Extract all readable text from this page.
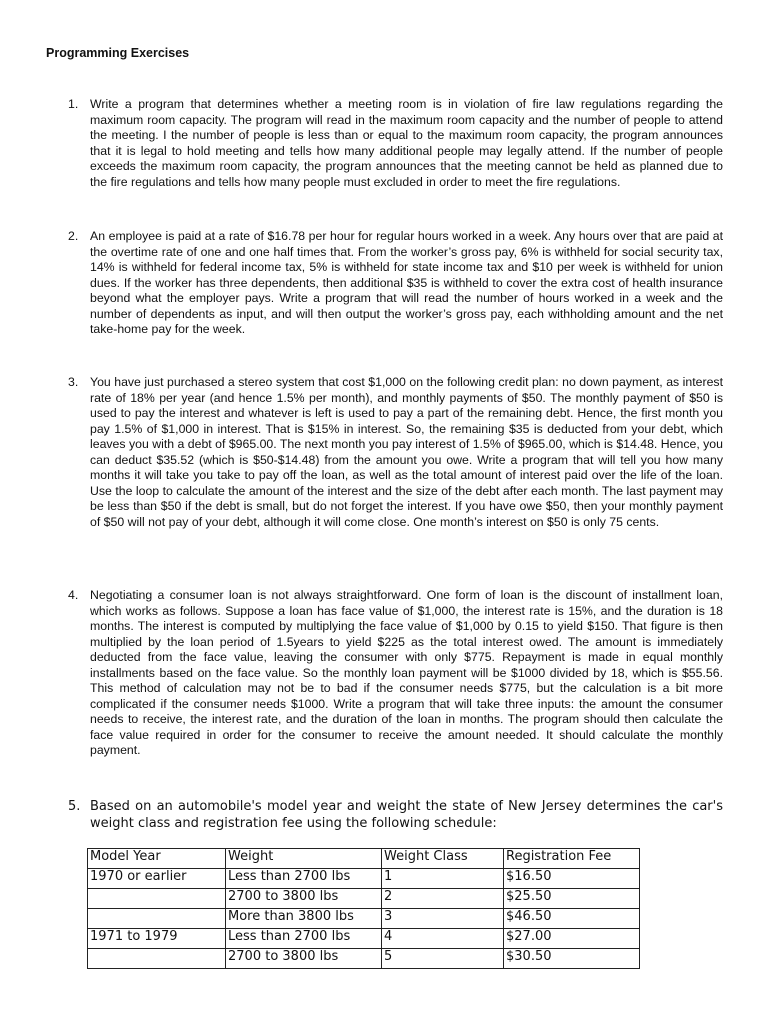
Programming Exercises
1. Write a program that determines whether a meeting room is in violation of fire law regulations regarding the maximum room capacity. The program will read in the maximum room capacity and the number of people to attend the meeting. I the number of people is less than or equal to the maximum room capacity, the program announces that it is legal to hold meeting and tells how many additional people may legally attend. If the number of people exceeds the maximum room capacity, the program announces that the meeting cannot be held as planned due to the fire regulations and tells how many people must excluded in order to meet the fire regulations.
2. An employee is paid at a rate of $16.78 per hour for regular hours worked in a week. Any hours over that are paid at the overtime rate of one and one half times that. From the worker’s gross pay, 6% is withheld for social security tax, 14% is withheld for federal income tax, 5% is withheld for state income tax and $10 per week is withheld for union dues. If the worker has three dependents, then additional $35 is withheld to cover the extra cost of health insurance beyond what the employer pays. Write a program that will read the number of hours worked in a week and the number of dependents as input, and will then output the worker’s gross pay, each withholding amount and the net take-home pay for the week.
3. You have just purchased a stereo system that cost $1,000 on the following credit plan: no down payment, as interest rate of 18% per year (and hence 1.5% per month), and monthly payments of $50. The monthly payment of $50 is used to pay the interest and whatever is left is used to pay a part of the remaining debt. Hence, the first month you pay 1.5% of $1,000 in interest. That is $15% in interest. So, the remaining $35 is deducted from your debt, which leaves you with a debt of $965.00. The next month you pay interest of 1.5% of $965.00, which is $14.48. Hence, you can deduct $35.52 (which is $50-$14.48) from the amount you owe. Write a program that will tell you how many months it will take you take to pay off the loan, as well as the total amount of interest paid over the life of the loan. Use the loop to calculate the amount of the interest and the size of the debt after each month. The last payment may be less than $50 if the debt is small, but do not forget the interest. If you have owe $50, then your monthly payment of $50 will not pay of your debt, although it will come close. One month’s interest on $50 is only 75 cents.
4. Negotiating a consumer loan is not always straightforward. One form of loan is the discount of installment loan, which works as follows. Suppose a loan has face value of $1,000, the interest rate is 15%, and the duration is 18 months. The interest is computed by multiplying the face value of $1,000 by 0.15 to yield $150. That figure is then multiplied by the loan period of 1.5years to yield $225 as the total interest owed. The amount is immediately deducted from the face value, leaving the consumer with only $775. Repayment is made in equal monthly installments based on the face value. So the monthly loan payment will be $1000 divided by 18, which is $55.56. This method of calculation may not be to bad if the consumer needs $775, but the calculation is a bit more complicated if the consumer needs $1000. Write a program that will take three inputs: the amount the consumer needs to receive, the interest rate, and the duration of the loan in months. The program should then calculate the face value required in order for the consumer to receive the amount needed. It should calculate the monthly payment.
5. Based on an automobile's model year and weight the state of New Jersey determines the car's weight class and registration fee using the following schedule:
Model Year	Weight	Weight Class	Registration Fee
1970 or earlier	Less than 2700 lbs	1	$16.50
	2700 to 3800 lbs	2	$25.50
	More than 3800 lbs	3	$46.50
1971 to 1979	Less than 2700 lbs	4	$27.00
	2700 to 3800 lbs	5	$30.50
